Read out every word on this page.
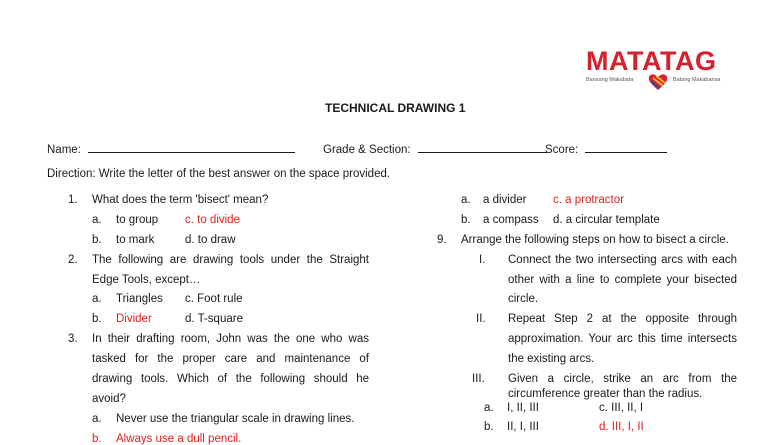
MATATAG
Bansang Makabata	Batang Makabansa
TECHNICAL DRAWING 1
Name:	Grade & Section:	Score:
Direction: Write the letter of the best answer on the space provided.
1. What does the term 'bisect' mean?
a. to group c. to divide
b. to mark	d. to draw
2. The following are drawing tools under the Straight
Edge Tools, except…
a. Triangles c. Foot rule
b. Divider	d. T-square
3. In their drafting room, John was the one who was
tasked for the proper care and maintenance of
drawing tools. Which of the following should he
avoid?
a. Never use the triangular scale in drawing lines.
b. Always use a dull pencil.
a. a divider c. a protractor
b. a compass d. a circular template
9. Arrange the following steps on how to bisect a circle.
I. Connect the two intersecting arcs with each
other with a line to complete your bisected
circle.
II. Repeat Step 2 at the opposite through
approximation. Your arc this time intersects
the existing arcs.
III. Given a circle, strike an arc from the
circumference greater than the radius.
a. I, II, III	c. III, II, I
b. II, I, III	d. III, I, II
